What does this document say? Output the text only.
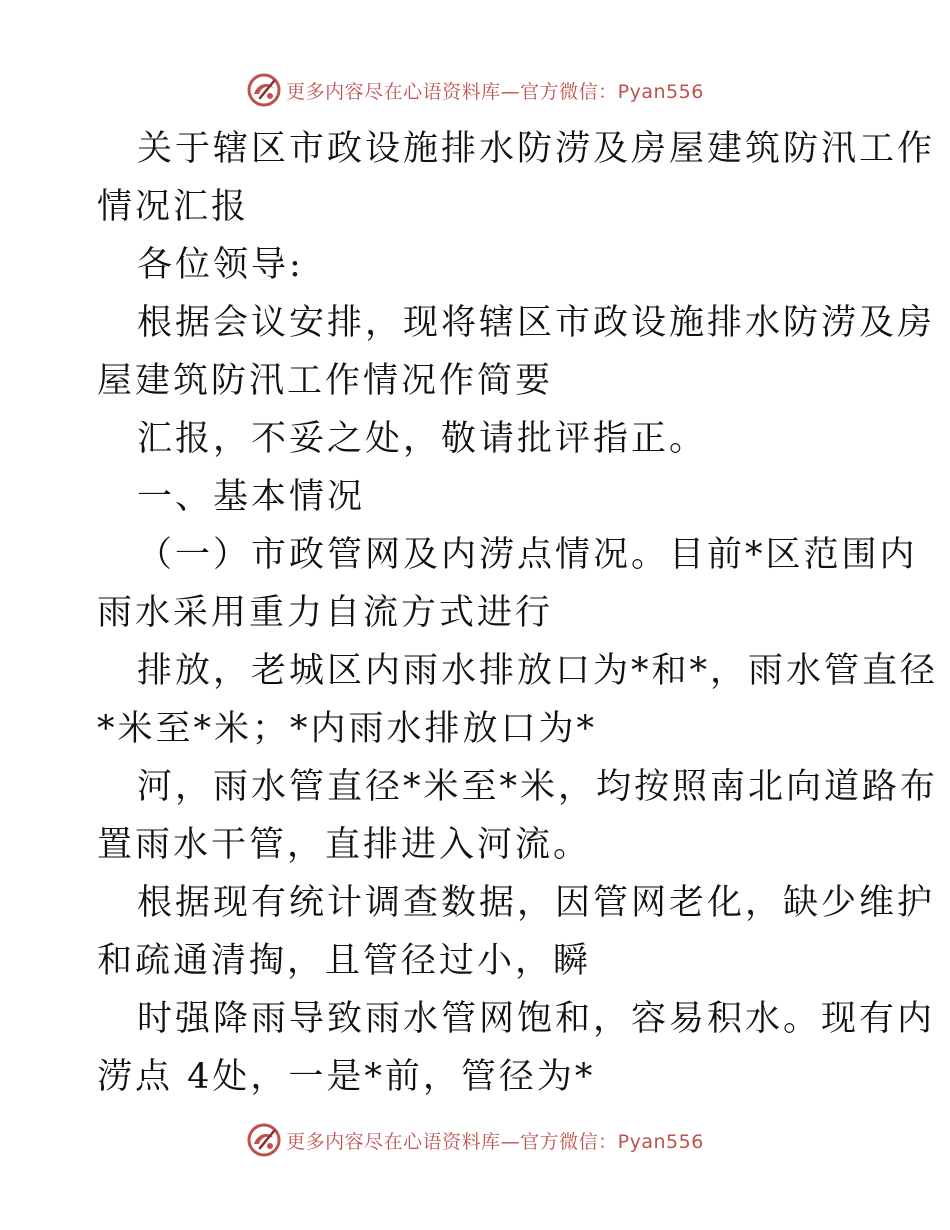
更多内容尽在心语资料库—官方微信：Pyan556
关于辖区市政设施排水防涝及房屋建筑防汛工作
情况汇报
各位领导:
根据会议安排，现将辖区市政设施排水防涝及房
屋建筑防汛工作情况作简要
汇报，不妥之处，敬请批评指正。
一、基本情况
（一）市政管网及内涝点情况。目前*区范围内
雨水采用重力自流方式进行
排放，老城区内雨水排放口为*和*，雨水管直径
*米至*米；*内雨水排放口为*
河，雨水管直径*米至*米，均按照南北向道路布
置雨水干管，直排进入河流。
根据现有统计调查数据，因管网老化，缺少维护
和疏通清掏，且管径过小，瞬
时强降雨导致雨水管网饱和，容易积水。现有内
涝点 4处，一是*前，管径为*
更多内容尽在心语资料库—官方微信：Pyan556
